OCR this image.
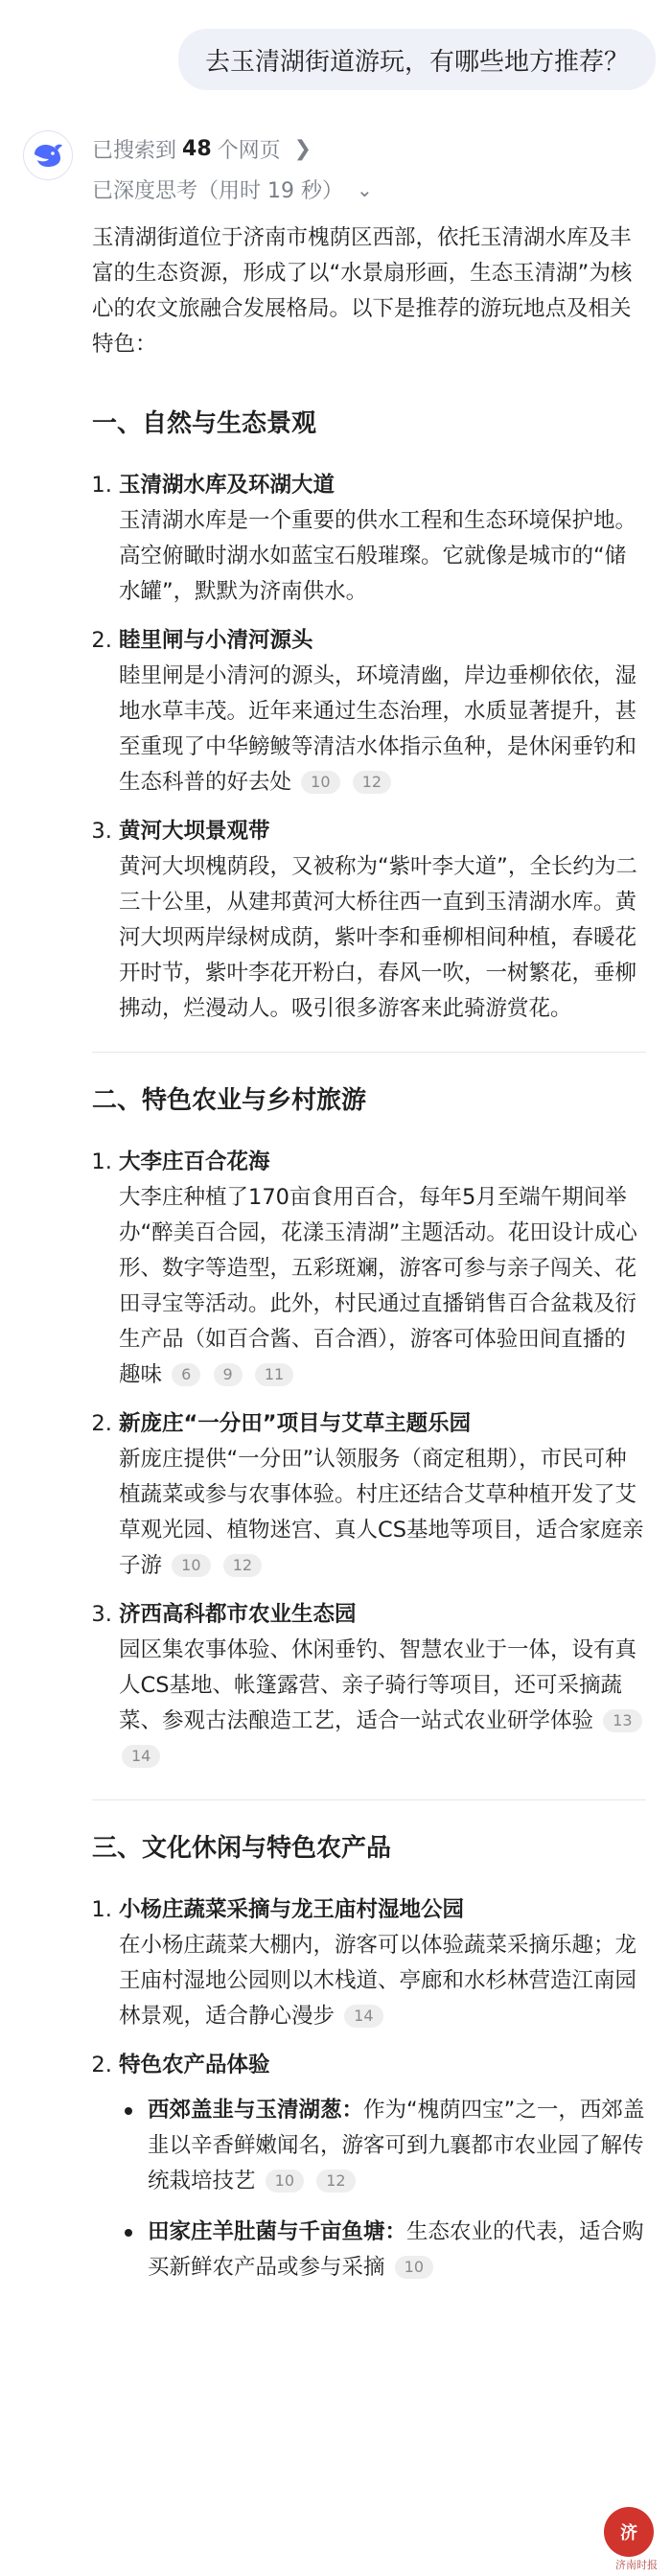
去玉清湖街道游玩，有哪些地方推荐？
已搜索到 48 个网页 ❯
已深度思考（用时 19 秒） ⌄

玉清湖街道位于济南市槐荫区西部，依托玉清湖水库及丰富的生态资源，形成了以“水景扇形画，生态玉清湖”为核心的农文旅融合发展格局。以下是推荐的游玩地点及相关特色：

一、自然与生态景观
1. 玉清湖水库及环湖大道
玉清湖水库是一个重要的供水工程和生态环境保护地。高空俯瞰时湖水如蓝宝石般璀璨。它就像是城市的“储水罐”，默默为济南供水。
2. 睦里闸与小清河源头
睦里闸是小清河的源头，环境清幽，岸边垂柳依依，湿地水草丰茂。近年来通过生态治理，水质显著提升，甚至重现了中华鳑鲏等清洁水体指示鱼种，是休闲垂钓和生态科普的好去处 10 12
3. 黄河大坝景观带
黄河大坝槐荫段，又被称为“紫叶李大道”，全长约为二三十公里，从建邦黄河大桥往西一直到玉清湖水库。黄河大坝两岸绿树成荫，紫叶李和垂柳相间种植，春暖花开时节，紫叶李花开粉白，春风一吹，一树繁花，垂柳拂动，烂漫动人。吸引很多游客来此骑游赏花。
二、特色农业与乡村旅游
1. 大李庄百合花海
大李庄种植了170亩食用百合，每年5月至端午期间举办“醉美百合园，花漾玉清湖”主题活动。花田设计成心形、数字等造型，五彩斑斓，游客可参与亲子闯关、花田寻宝等活动。此外，村民通过直播销售百合盆栽及衍生产品（如百合酱、百合酒），游客可体验田间直播的趣味 6 9 11
2. 新庞庄“一分田”项目与艾草主题乐园
新庞庄提供“一分田”认领服务（商定租期），市民可种植蔬菜或参与农事体验。村庄还结合艾草种植开发了艾草观光园、植物迷宫、真人CS基地等项目，适合家庭亲子游 10 12
3. 济西高科都市农业生态园
园区集农事体验、休闲垂钓、智慧农业于一体，设有真人CS基地、帐篷露营、亲子骑行等项目，还可采摘蔬菜、参观古法酿造工艺，适合一站式农业研学体验 13 14
三、文化休闲与特色农产品
1. 小杨庄蔬菜采摘与龙王庙村湿地公园
在小杨庄蔬菜大棚内，游客可以体验蔬菜采摘乐趣；龙王庙村湿地公园则以木栈道、亭廊和水杉林营造江南园林景观，适合静心漫步 14
2. 特色农产品体验
西郊盖韭与玉清湖葱：作为“槐荫四宝”之一，西郊盖韭以辛香鲜嫩闻名，游客可到九襄都市农业园了解传统栽培技艺 10 12
田家庄羊肚菌与千亩鱼塘：生态农业的代表，适合购买新鲜农产品或参与采摘 10
济
济南时报
